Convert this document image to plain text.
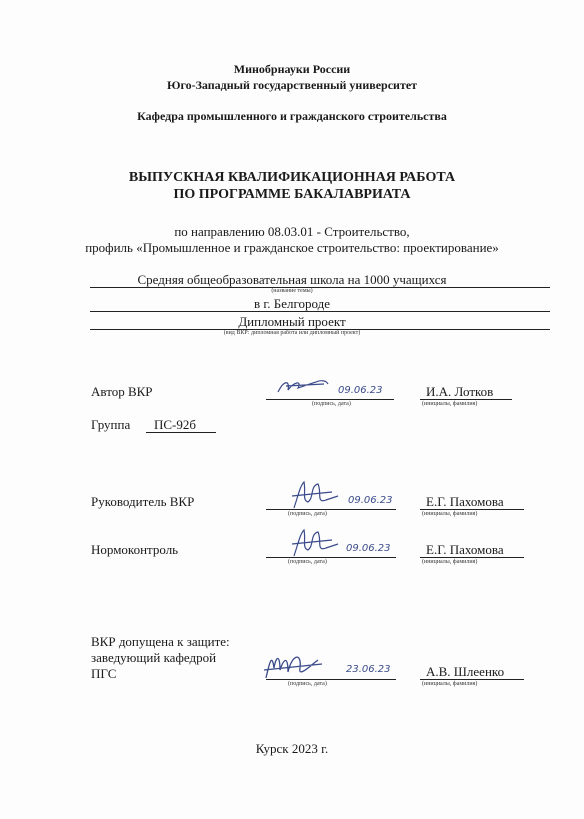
Минобрнауки России
Юго-Западный государственный университет
Кафедра промышленного и гражданского строительства
ВЫПУСКНАЯ КВАЛИФИКАЦИОННАЯ РАБОТА
ПО ПРОГРАММЕ БАКАЛАВРИАТА
по направлению 08.03.01 - Строительство,
профиль «Промышленное и гражданское строительство: проектирование»
Средняя общеобразовательная школа на 1000 учащихся
(название темы)
в г. Белгороде
Дипломный проект
(вид ВКР: дипломная работа или дипломный проект)
Автор ВКР	09.06.23
(подпись, дата)
И.А. Лотков
(инициалы, фамилия)
Группа ПС-92б
Руководитель ВКР	09.06.23
(подпись, дата)
Е.Г. Пахомова
(инициалы, фамилия)
Нормоконтроль	09.06.23
(подпись, дата)
Е.Г. Пахомова
(инициалы, фамилия)
ВКР допущена к защите:
заведующий кафедрой
ПГС	23.06.23
(подпись, дата)
А.В. Шлеенко
(инициалы, фамилия)
Курск 2023 г.
